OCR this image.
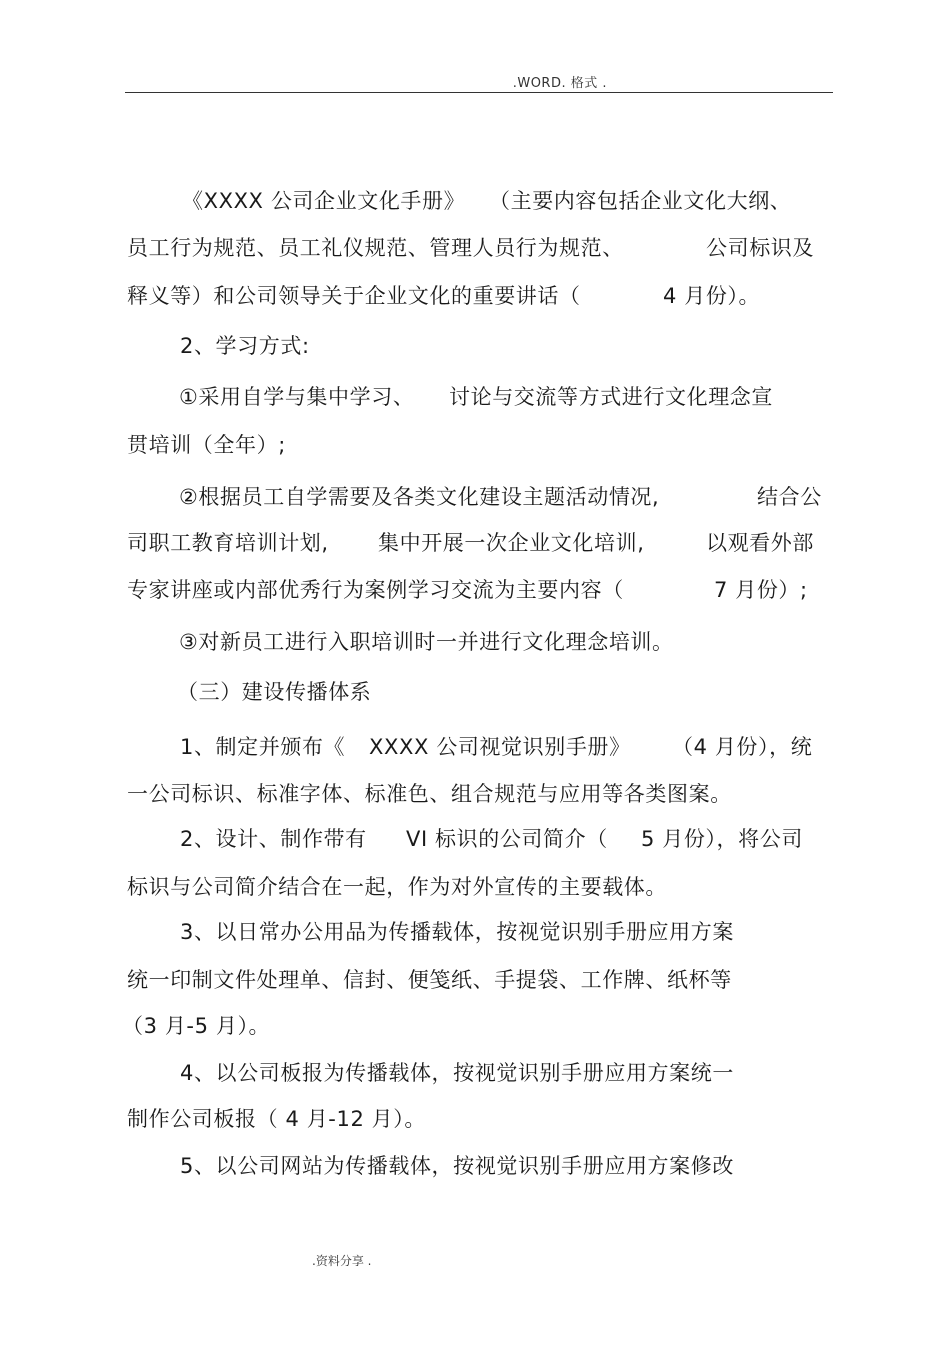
.WORD. 格式 .
《XXXX 公司企业文化手册》 （主要内容包括企业文化大纲、
员工行为规范、员工礼仪规范、管理人员行为规范、	公司标识及
释义等）和公司领导关于企业文化的重要讲话（	4 月份）。
2、学习方式:
①采用自学与集中学习、 讨论与交流等方式进行文化理念宣
贯培训（全年）;
②根据员工自学需要及各类文化建设主题活动情况,	结合公
司职工教育培训计划, 集中开展一次企业文化培训,	以观看外部
专家讲座或内部优秀行为案例学习交流为主要内容（	7 月份）;
③对新员工进行入职培训时一并进行文化理念培训。
（三）建设传播体系
1、制定并颁布《 XXXX 公司视觉识别手册》 （4 月份），统
一公司标识、标准字体、标准色、组合规范与应用等各类图案。
2、设计、制作带有 VI 标识的公司简介（ 5 月份），将公司
标识与公司简介结合在一起，作为对外宣传的主要载体。
3、以日常办公用品为传播载体，按视觉识别手册应用方案
统一印制文件处理单、信封、便笺纸、手提袋、工作牌、纸杯等
（3 月-5 月）。
4、以公司板报为传播载体，按视觉识别手册应用方案统一
制作公司板报（ 4 月-12 月）。
5、以公司网站为传播载体，按视觉识别手册应用方案修改
.资料分享 .
